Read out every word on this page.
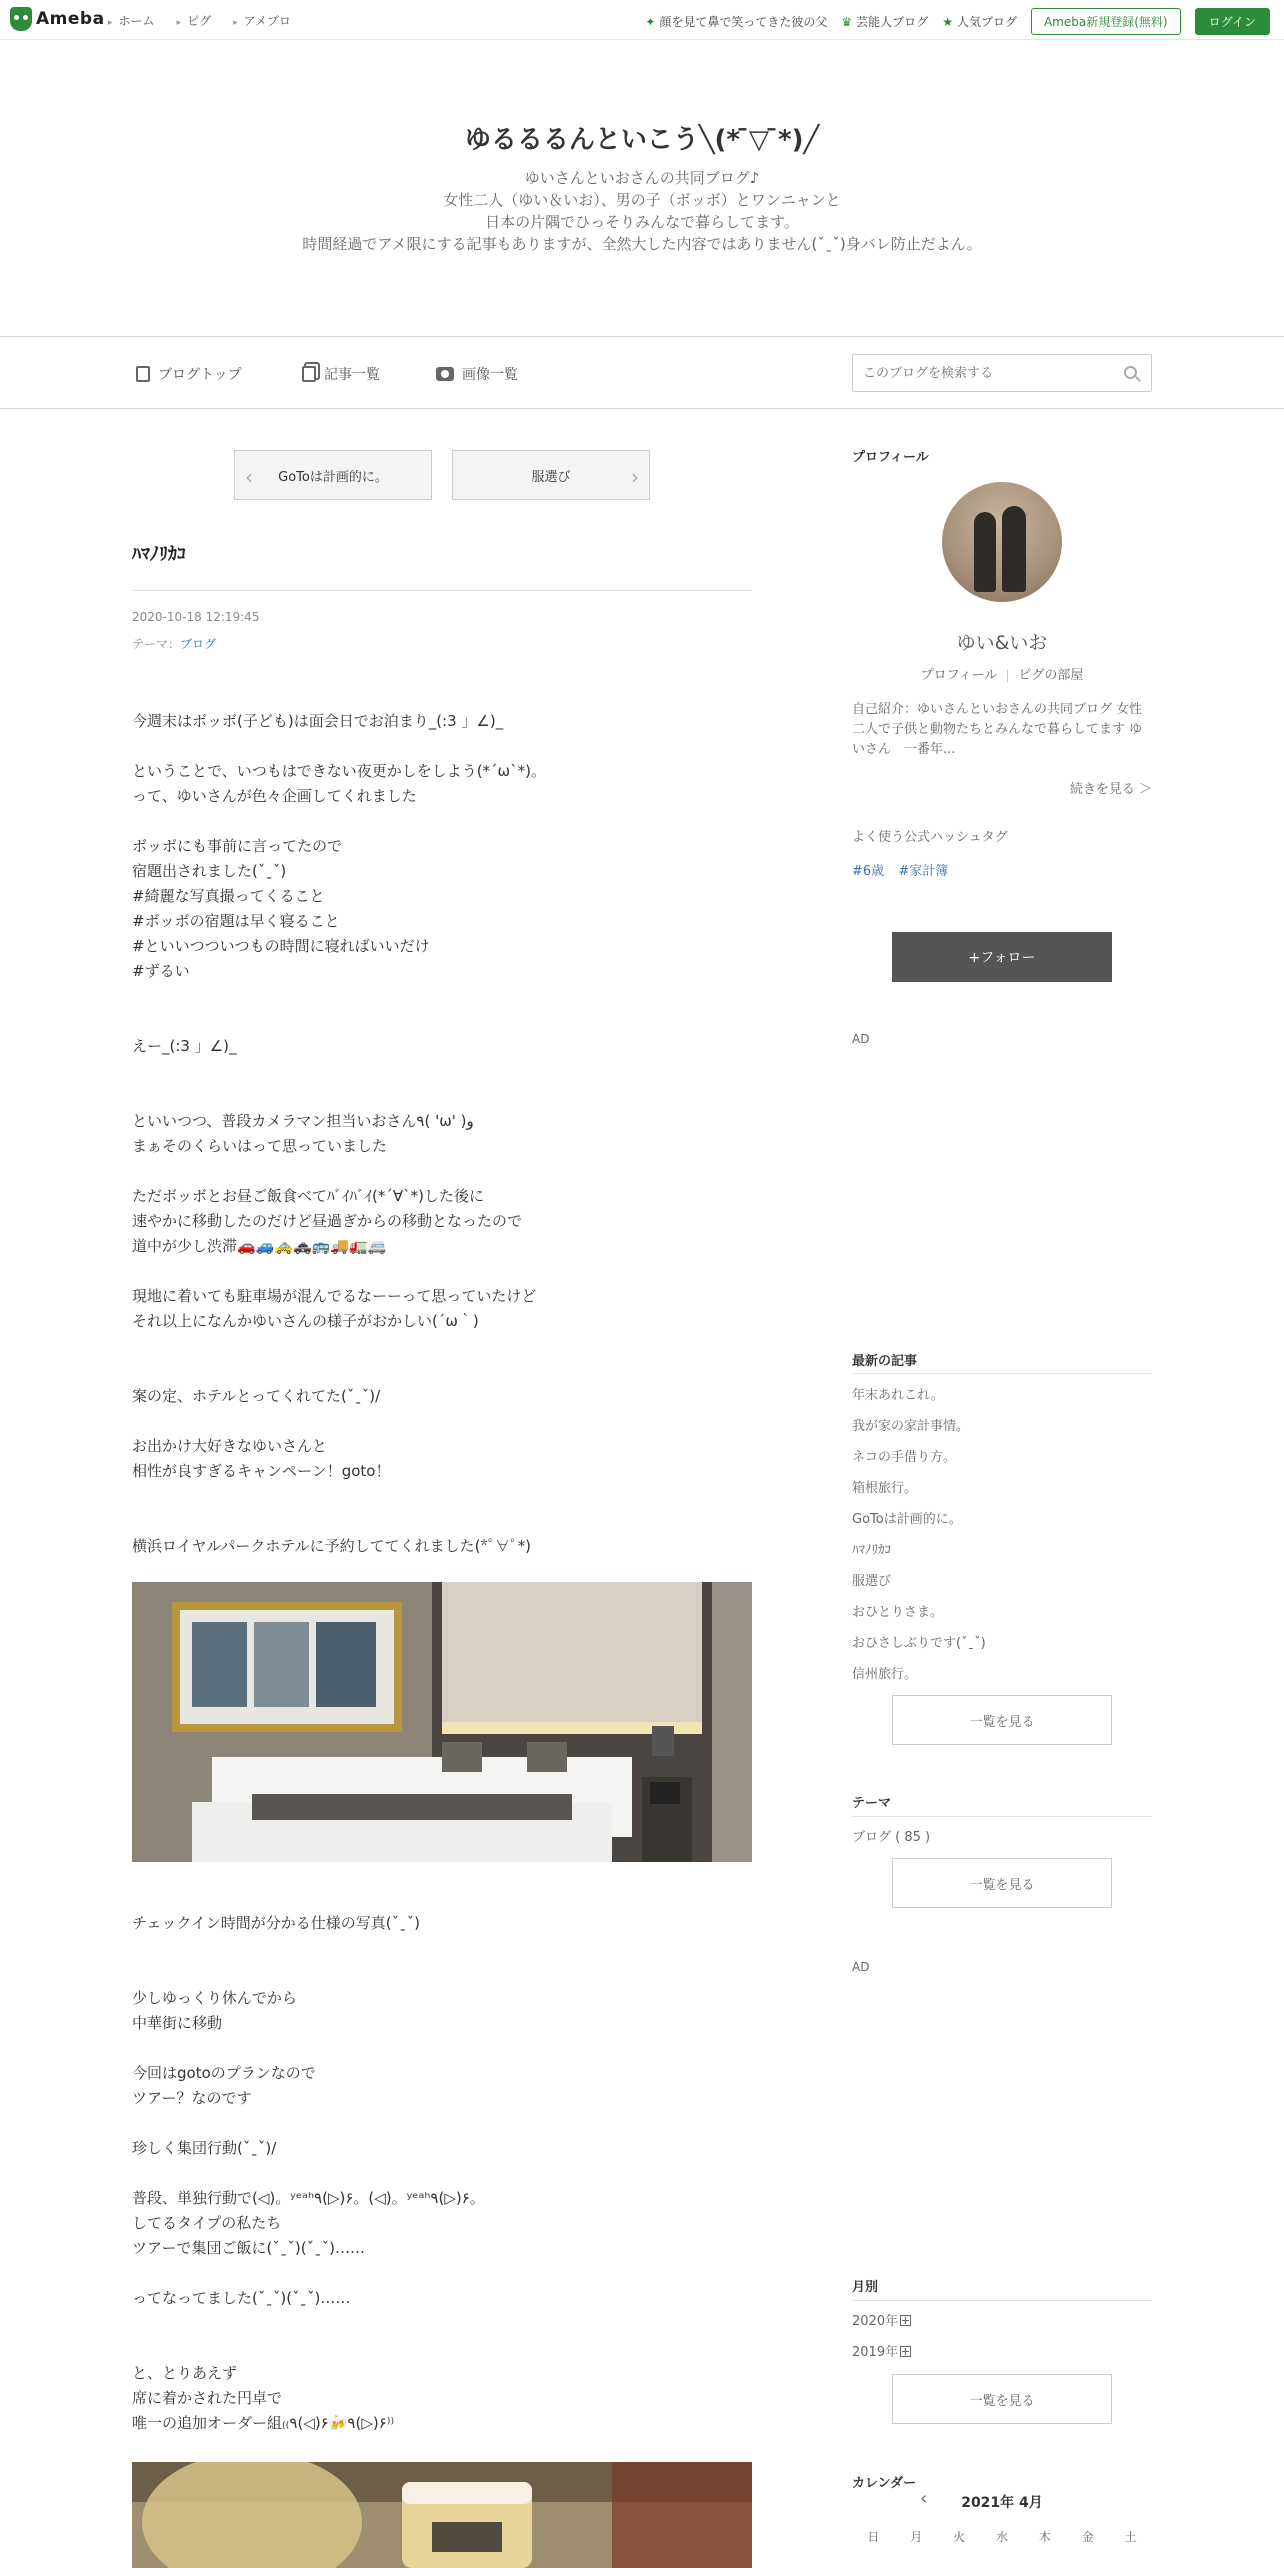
Ameba	▸ ホーム	▸ ピグ	▸ アメブロ	✦ 顔を見て鼻で笑ってきた彼の父 ♛ 芸能人ブログ ★ 人気ブログ	Ameba新規登録(無料)	ログイン
ゆるるるんといこう╲(* ̄▽ ̄*)╱
ゆいさんといおさんの共同ブログ♪
女性二人（ゆい＆いお）、男の子（ボッボ）とワンニャンと
日本の片隅でひっそりみんなで暮らしてます。
時間経過でアメ限にする記事もありますが、全然大した内容ではありません(ˇˍˇ)身バレ防止だよん。
ブログトップ	記事一覧	画像一覧
このブログを検索する
‹ GoToは計画的に。	服選び	›
ﾊﾏﾉﾘｶｺ
2020-10-18 12:19:45
テーマ：ブログ
今週末はボッボ(子ども)は面会日でお泊まり_(:3 」∠)_
ということで、いつもはできない夜更かしをしよう(*´ω`*)。
って、ゆいさんが色々企画してくれました
ボッボにも事前に言ってたので
宿題出されました(ˇˍˇ)
#綺麗な写真撮ってくること
#ボッボの宿題は早く寝ること
#といいつついつもの時間に寝ればいいだけ
#ずるい
えー_(:3 」∠)_
といいつつ、普段カメラマン担当いおさん٩( 'ω' )و
まぁそのくらいはって思っていました
ただボッボとお昼ご飯食べてﾊﾞｲﾊﾞｲ(*´∀`*)した後に
速やかに移動したのだけど昼過ぎからの移動となったので
道中が少し渋滞🚗🚙🚕🚓🚌🚚🚛🚐
現地に着いても駐車場が混んでるなーーって思っていたけど
それ以上になんかゆいさんの様子がおかしい(´ω｀)
案の定、ホテルとってくれてた(ˇˍˇ)/
お出かけ大好きなゆいさんと
相性が良すぎるキャンペーン！goto！
横浜ロイヤルパークホテルに予約しててくれました(*ﾟ∀ﾟ*)
チェックイン時間が分かる仕様の写真(ˇˍˇ)
少しゆっくり休んでから
中華街に移動
今回はgotoのプランなので
ツアー？なのです
珍しく集団行動(ˇˍˇ)/
普段、単独行動で(◁)。ʸᵉᵃʰ٩(▷)۶。(◁)。ʸᵉᵃʰ٩(▷)۶。
してるタイプの私たち
ツアーで集団ご飯に(ˇˍˇ)(ˇˍˇ)……
ってなってました(ˇˍˇ)(ˇˍˇ)……
と、とりあえず
席に着かされた円卓で
唯一の追加オーダー組₍₍٩(◁)۶🍻٩(▷)۶⁾⁾
プロフィール
ゆい&いお
プロフィール ピグの部屋
自己紹介：ゆいさんといおさんの共同ブログ 女性二人で子供と動物たちとみんなで暮らしてます ゆいさん　一番年...
続きを見る ＞
よく使う公式ハッシュタグ
#6歳 #家計簿
+フォロー
AD
最新の記事
年末あれこれ。
我が家の家計事情。
ネコの手借り方。
箱根旅行。
GoToは計画的に。
ﾊﾏﾉﾘｶｺ
服選び
おひとりさま。
おひさしぶりです(ˇˍˇ)
信州旅行。
一覧を見る
テーマ
ブログ ( 85 )
一覧を見る
AD
月別
2020年
2019年
一覧を見る
カレンダー
‹	2021年 4月
日	月	火	水	木	金	土
